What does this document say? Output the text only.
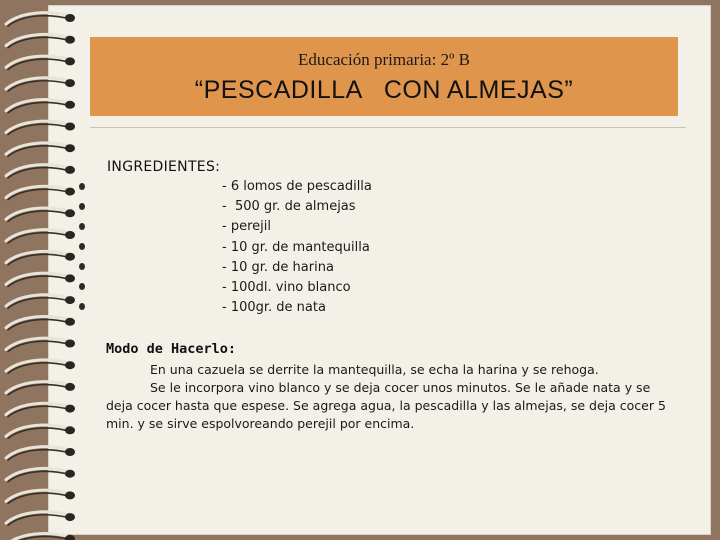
Educación primaria: 2º B
“PESCADILLA   CON ALMEJAS”
INGREDIENTES:
- 6 lomos de pescadilla
-  500 gr. de almejas
- perejil
- 10 gr. de mantequilla
- 10 gr. de harina
- 100dl. vino blanco
- 100gr. de nata
Modo de Hacerlo:

En una cazuela se derrite la mantequilla, se echa la harina y se rehoga.

Se le incorpora vino blanco y se deja cocer unos minutos. Se le añade nata y se deja cocer hasta que espese. Se agrega agua, la pescadilla y las almejas, se deja cocer 5 min. y se sirve espolvoreando perejil por encima.
